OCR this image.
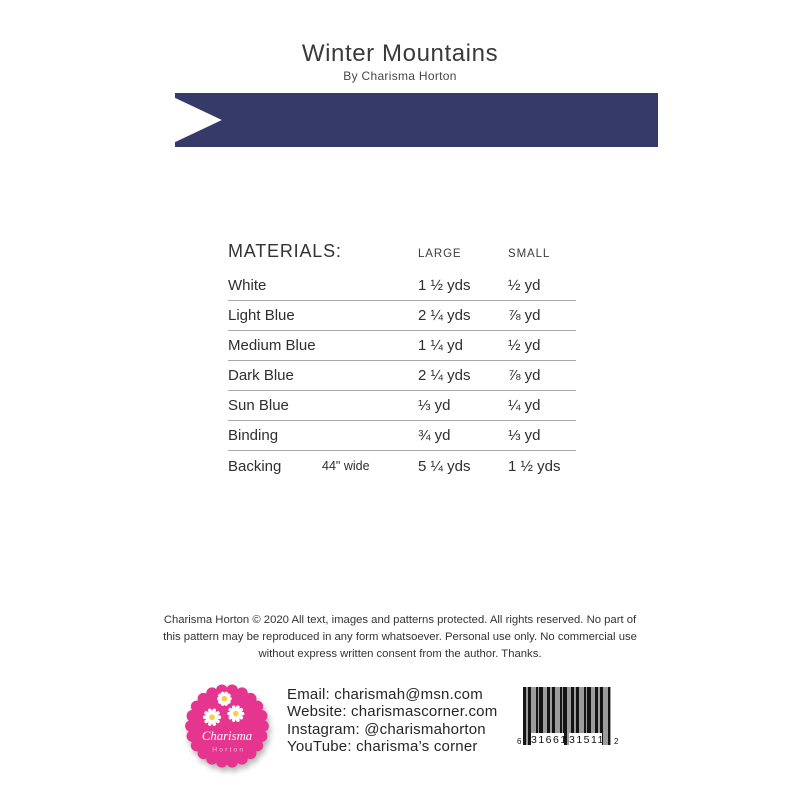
Winter Mountains
By Charisma Horton
MATERIALS:	LARGE	SMALL
White	1 ½ yds	½ yd
Light Blue	2 ¼ yds	⅞ yd
Medium Blue	1 ¼ yd	½ yd
Dark Blue	2 ¼ yds	⅞ yd
Sun Blue	⅓ yd	¼ yd
Binding	¾ yd	⅓ yd
Backing	44" wide	5 ¼ yds	1 ½ yds
Charisma Horton © 2020 All text, images and patterns protected. All rights reserved. No part of
this pattern may be reproduced in any form whatsoever. Personal use only. No commercial use
without express written consent from the author. Thanks.
Charisma
Horton
Email: charismah@msn.com
Website: charismascorner.com
Instagram: @charismahorton
YouTube: charisma’s corner	6 31661 31511 2
